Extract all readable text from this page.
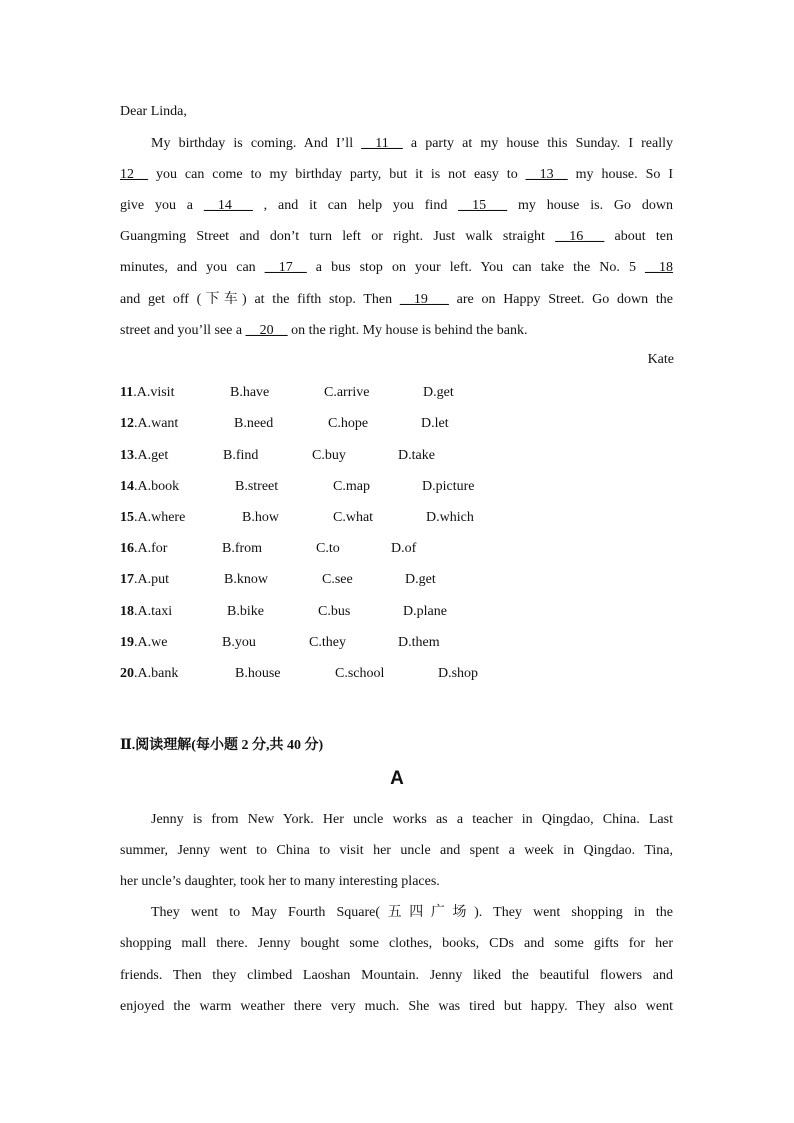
Dear Linda,
My birthday is coming. And I’ll __11__ a party at my house this Sunday. I really
12__ you can come to my birthday party, but it is not easy to __13__ my house. So I
give you a __14___ , and it can help you find __15___ my house is. Go down
Guangming Street and don’t turn left or right. Just walk straight __16___ about ten
minutes, and you can __17__ a bus stop on your left. You can take the No. 5 __18
and get off (下车) at the fifth stop. Then __19___ are on Happy Street. Go down the
street and you’ll see a __20__ on the right. My house is behind the bank.
Kate
11.A.visit	B.have	C.arrive	D.get
12.A.want	B.need	C.hope	D.let
13.A.get	B.find	C.buy	D.take
14.A.book	B.street	C.map	D.picture
15.A.where	B.how	C.what	D.which
16.A.for	B.from	C.to	D.of
17.A.put	B.know	C.see	D.get
18.A.taxi	B.bike	C.bus	D.plane
19.A.we	B.you	C.they	D.them
20.A.bank	B.house	C.school	D.shop
Ⅱ.阅读理解(每小题 2 分,共 40 分)
A
Jenny is from New York. Her uncle works as a teacher in Qingdao, China. Last
summer, Jenny went to China to visit her uncle and spent a week in Qingdao. Tina,
her uncle’s daughter, took her to many interesting places.
They went to May Fourth Square(五四广场). They went shopping in the
shopping mall there. Jenny bought some clothes, books, CDs and some gifts for her
friends. Then they climbed Laoshan Mountain. Jenny liked the beautiful flowers and
enjoyed the warm weather there very much. She was tired but happy. They also went
